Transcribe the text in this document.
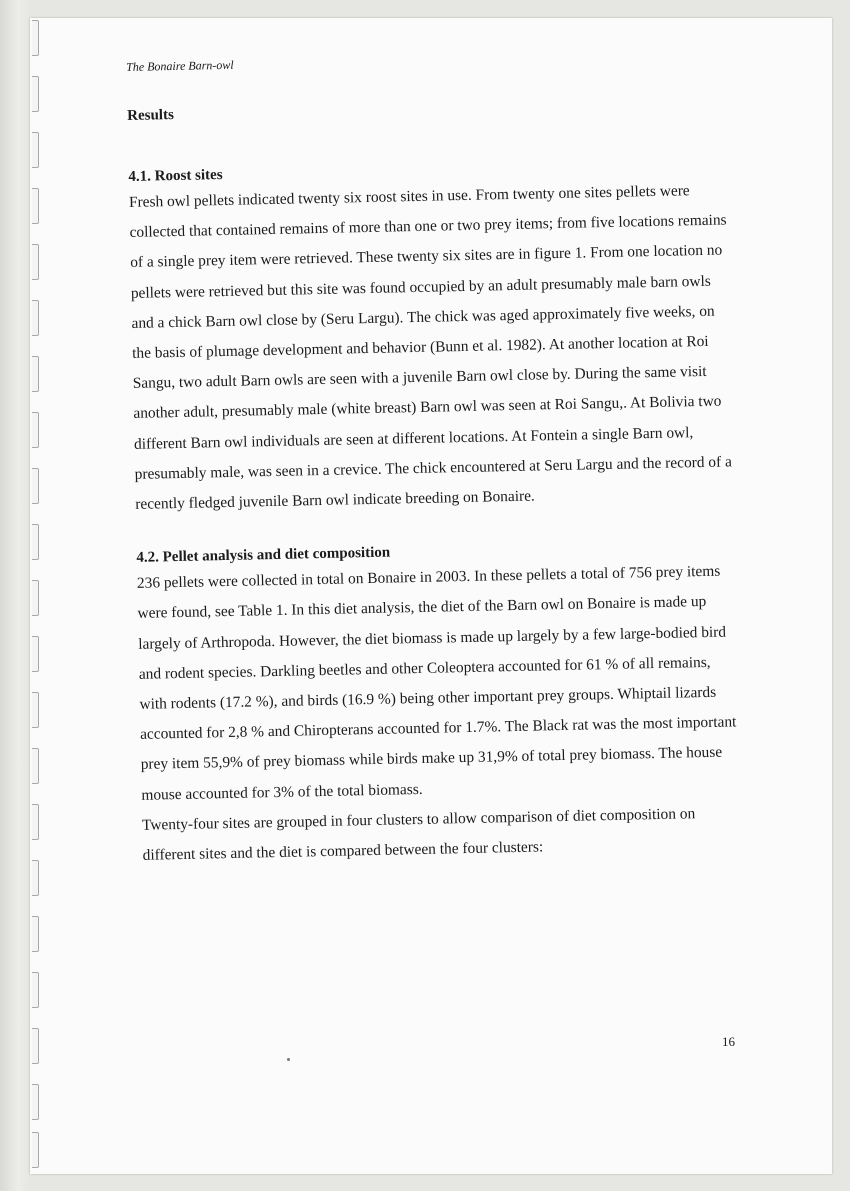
The Bonaire Barn-owl

Results
4.1. Roost sites

Fresh owl pellets indicated twenty six roost sites in use. From twenty one sites pellets were collected that contained remains of more than one or two prey items; from five locations remains of a single prey item were retrieved. These twenty six sites are in figure 1. From one location no pellets were retrieved but this site was found occupied by an adult presumably male barn owls and a chick Barn owl close by (Seru Largu). The chick was aged approximately five weeks, on the basis of plumage development and behavior (Bunn et al. 1982). At another location at Roi Sangu, two adult Barn owls are seen with a juvenile Barn owl close by. During the same visit another adult, presumably male (white breast) Barn owl was seen at Roi Sangu,. At Bolivia two different Barn owl individuals are seen at different locations. At Fontein a single Barn owl, presumably male, was seen in a crevice. The chick encountered at Seru Largu and the record of a recently fledged juvenile Barn owl indicate breeding on Bonaire.

4.2. Pellet analysis and diet composition

236 pellets were collected in total on Bonaire in 2003. In these pellets a total of 756 prey items were found, see Table 1. In this diet analysis, the diet of the Barn owl on Bonaire is made up largely of Arthropoda. However, the diet biomass is made up largely by a few large-bodied bird and rodent species. Darkling beetles and other Coleoptera accounted for 61 % of all remains, with rodents (17.2 %), and birds (16.9 %) being other important prey groups. Whiptail lizards accounted for 2,8 % and Chiropterans accounted for 1.7%. The Black rat was the most important prey item 55,9% of prey biomass while birds make up 31,9% of total prey biomass. The house mouse accounted for 3% of the total biomass.

Twenty-four sites are grouped in four clusters to allow comparison of diet composition on different sites and the diet is compared between the four clusters:

16
